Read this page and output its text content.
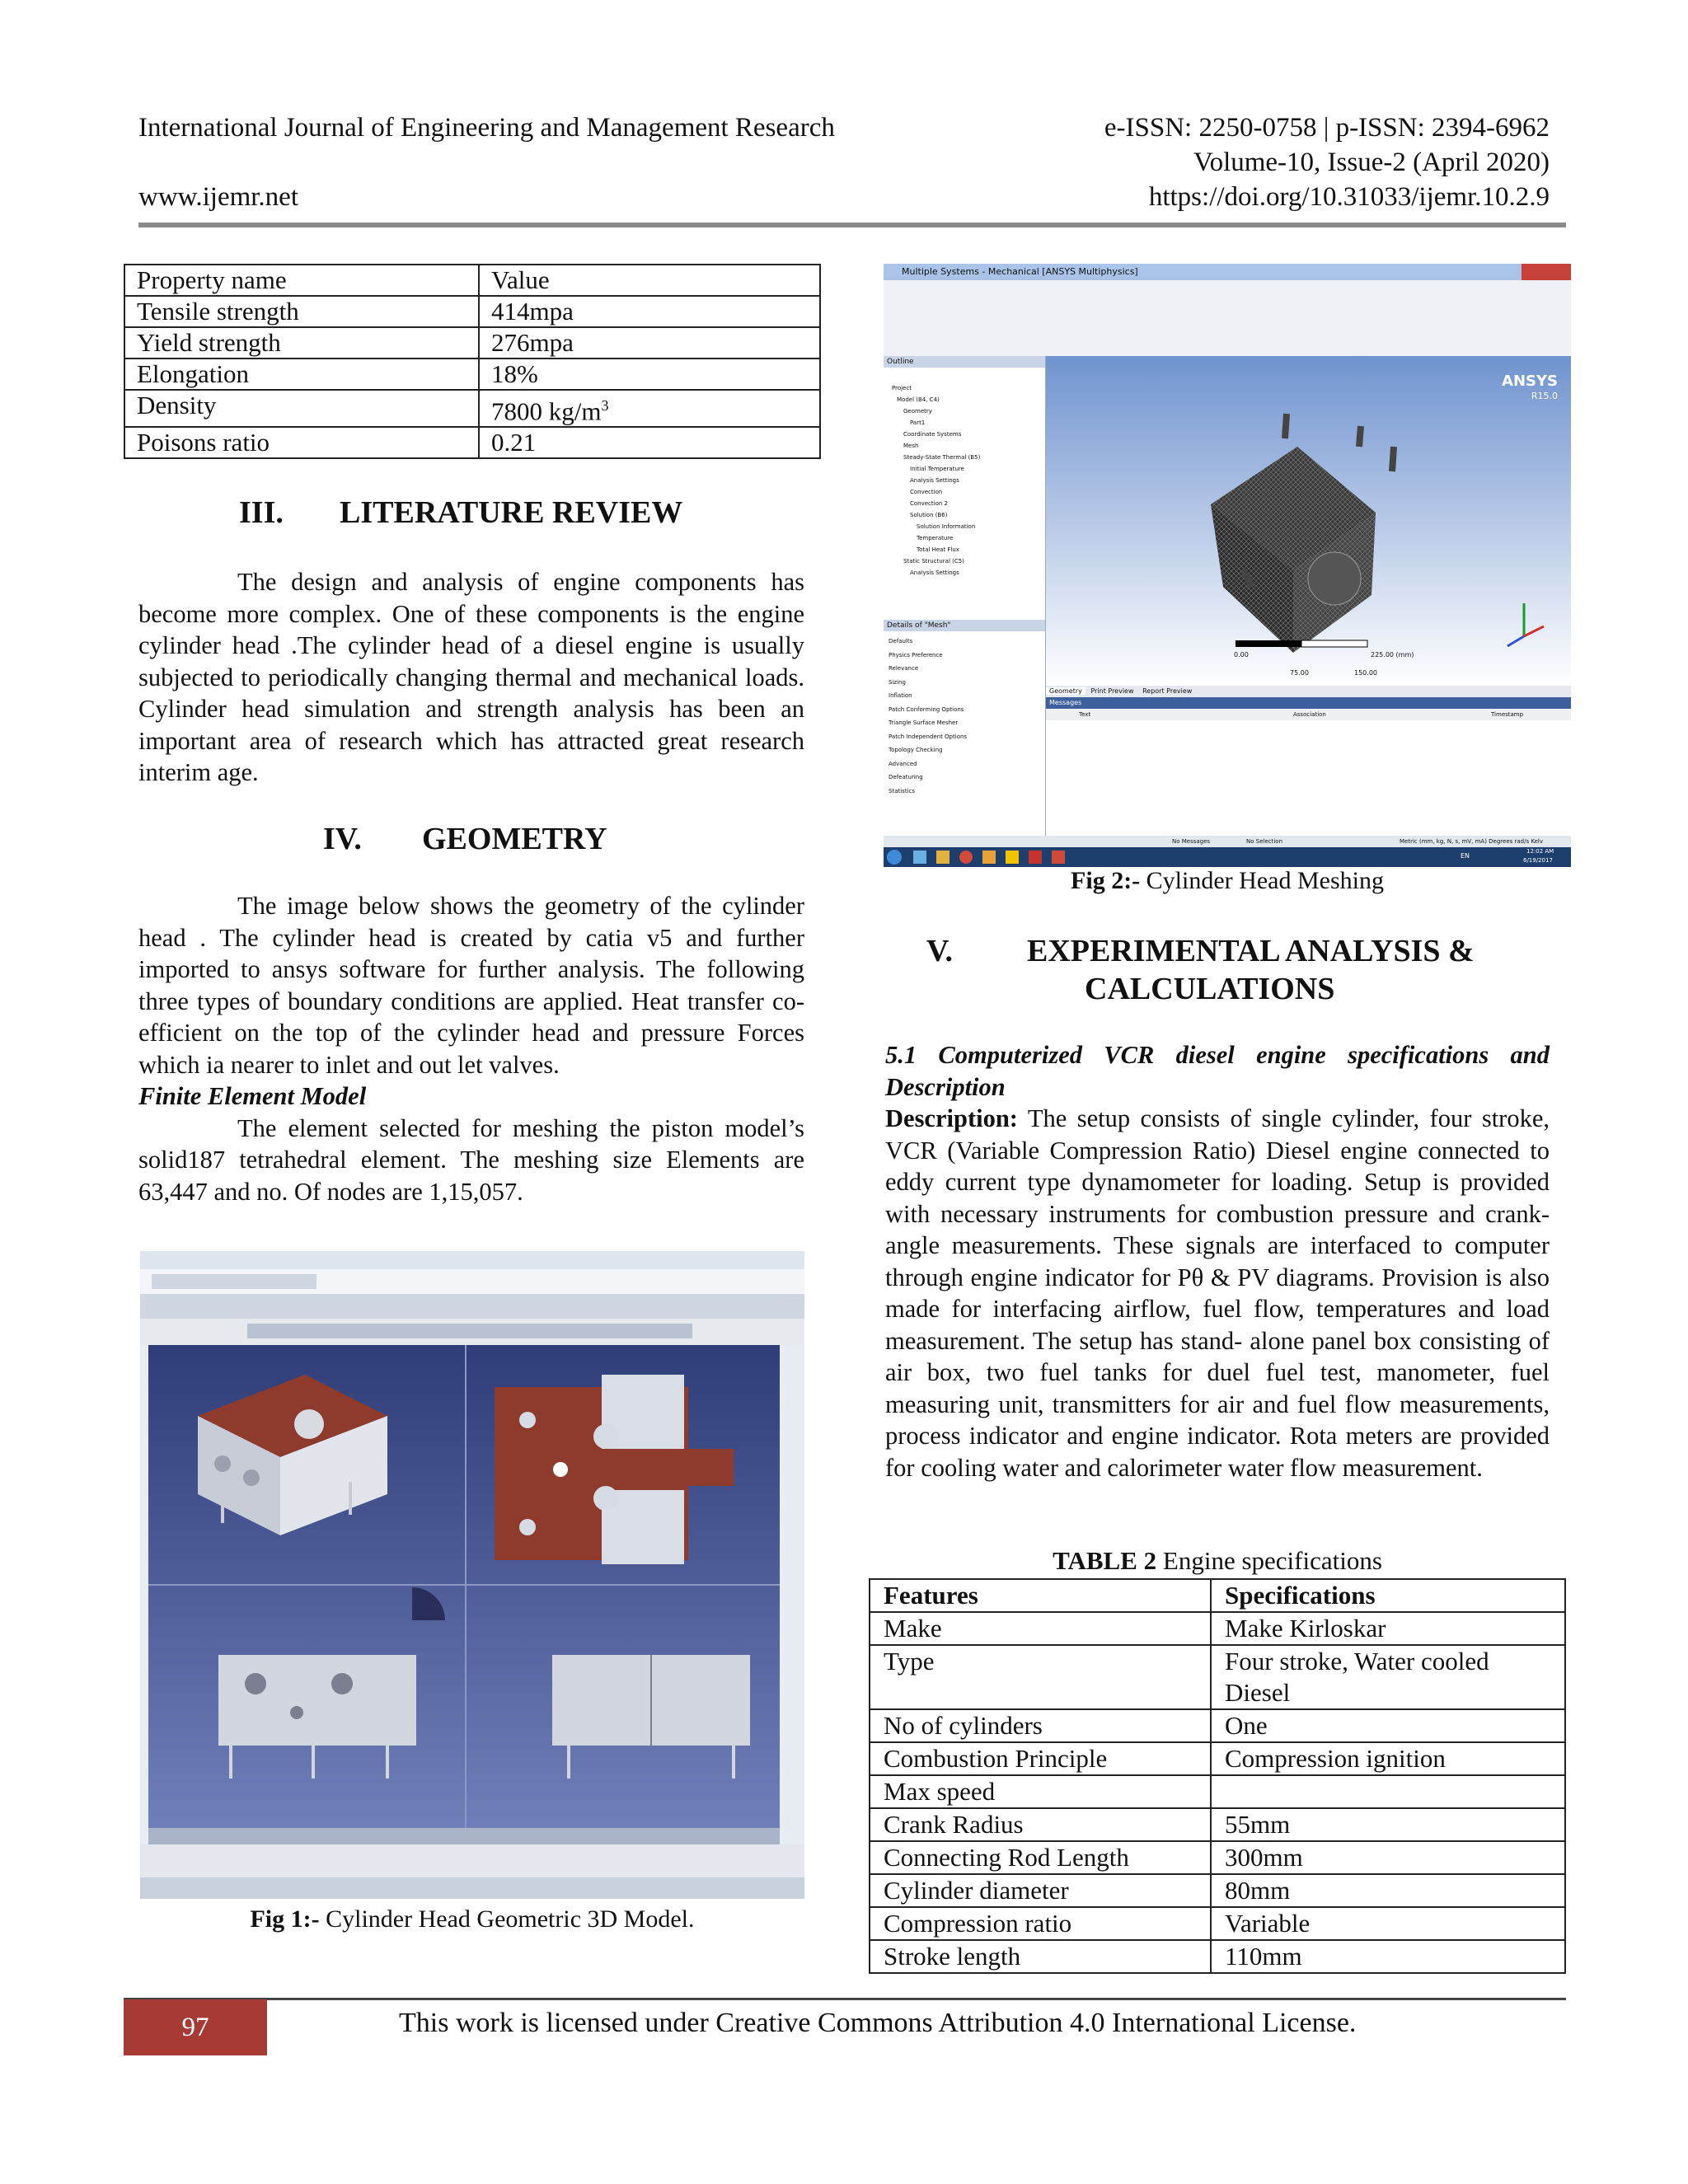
International Journal of Engineering and Management Research	e-ISSN: 2250-0758 | p-ISSN: 2394-6962
Volume-10, Issue-2 (April 2020)
www.ijemr.net	https://doi.org/10.31033/ijemr.10.2.9
Property name	Value
Tensile strength	414mpa
Yield strength	276mpa
Elongation	18%
Density	7800 $kg/m^3$
Poisons ratio	0.21
III. LITERATURE REVIEW

The design and analysis of engine components has become more complex. One of these components is the engine cylinder head .The cylinder head of a diesel engine is usually subjected to periodically changing thermal and mechanical loads. Cylinder head simulation and strength analysis has been an important area of research which has attracted great research interim age.

IV. GEOMETRY

The image below shows the geometry of the cylinder head . The cylinder head is created by catia v5 and further imported to ansys software for further analysis. The following three types of boundary conditions are applied. Heat transfer co-efficient on the top of the cylinder head and pressure Forces which ia nearer to inlet and out let valves.

Finite Element Model

The element selected for meshing the piston model’s solid187 tetrahedral element. The meshing size Elements are 63,447 and no. Of nodes are 1,15,057.

Fig 1:- Cylinder Head Geometric 3D Model.
Multiple Systems - Mechanical [ANSYS Multiphysics]
Outline
Project
Model (B4, C4)
Geometry
Part1
Coordinate Systems
Mesh
Steady-State Thermal (B5)
Initial Temperature
Analysis Settings
Convection
Convection 2
Solution (B6)
Solution Information
Temperature
Total Heat Flux
Static Structural (C5)
Analysis Settings
Details of "Mesh"
Defaults
Physics Preference
Relevance
Sizing
Inflation
Patch Conforming Options
Triangle Surface Mesher
Patch Independent Options
Topology Checking
Advanced
Defeaturing
Statistics
ANSYS
R15.0
0.00
75.00	150.00
225.00 (mm)
Geometry Print Preview Report Preview
Messages
Text	Association	Timestamp
No Messages	No Selection	Metric (mm, kg, N, s, mV, mA) Degrees rad/s Kelv
EN
12:02 AM
6/19/2017
Fig 2:- Cylinder Head Meshing
V. EXPERIMENTAL ANALYSIS &
CALCULATIONS

5.1 Computerized VCR diesel engine specifications and Description

Description: The setup consists of single cylinder, four stroke, VCR (Variable Compression Ratio) Diesel engine connected to eddy current type dynamometer for loading. Setup is provided with necessary instruments for combustion pressure and crank- angle measurements. These signals are interfaced to computer through engine indicator for Pθ & PV diagrams. Provision is also made for interfacing airflow, fuel flow, temperatures and load measurement. The setup has stand- alone panel box consisting of air box, two fuel tanks for duel fuel test, manometer, fuel measuring unit, transmitters for air and fuel flow measurements, process indicator and engine indicator. Rota meters are provided for cooling water and calorimeter water flow measurement.

TABLE 2 Engine specifications
Features	Specifications
Make	Make Kirloskar
Type	Four stroke, Water cooled Diesel
No of cylinders	One
Combustion Principle	Compression ignition
Max speed	
Crank Radius	55mm
Connecting Rod Length	300mm
Cylinder diameter	80mm
Compression ratio	Variable
Stroke length	110mm
97	This work is licensed under Creative Commons Attribution 4.0 International License.
